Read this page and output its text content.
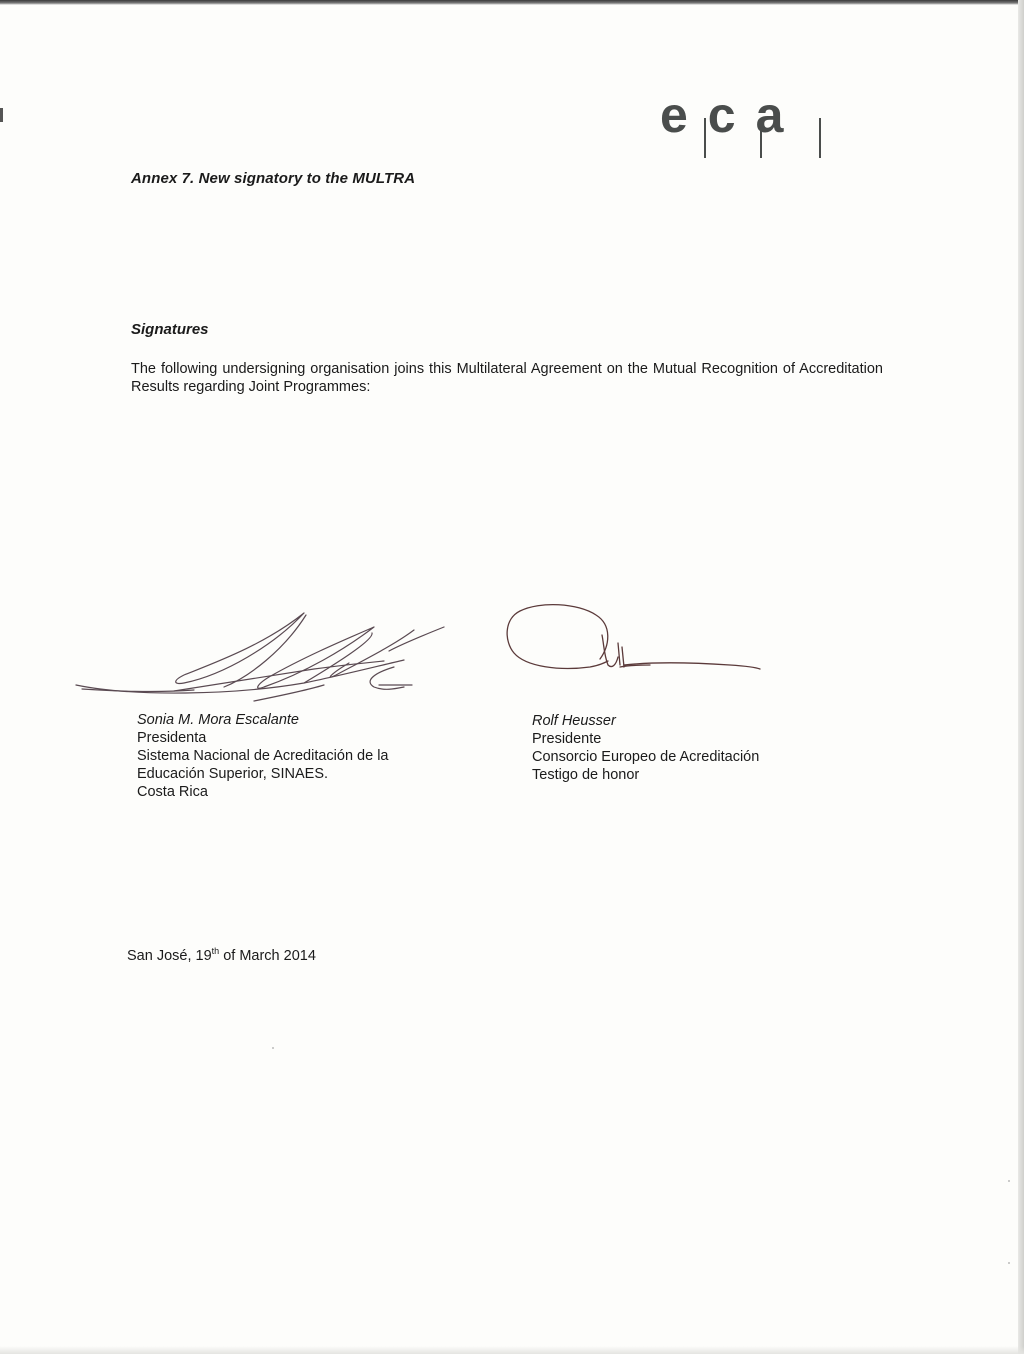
eca
Annex 7. New signatory to the MULTRA
Signatures
The following undersigning organisation joins this Multilateral Agreement on the Mutual Recognition of Accreditation Results regarding Joint Programmes:
Sonia M. Mora Escalante
Presidenta
Sistema Nacional de Acreditación de la
Educación Superior, SINAES.
Costa Rica
Rolf Heusser
Presidente
Consorcio Europeo de Acreditación
Testigo de honor
San José, 19th of March 2014
